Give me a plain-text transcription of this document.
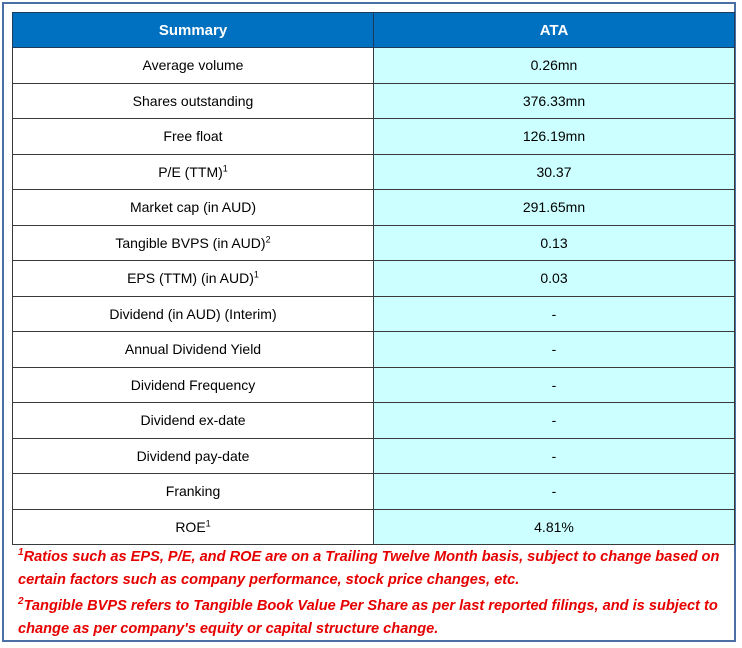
Summary	ATA
Average volume	0.26mn
Shares outstanding	376.33mn
Free float	126.19mn
P/E (TTM)$^1$	30.37
Market cap (in AUD)	291.65mn
Tangible BVPS (in AUD)$^2$	0.13
EPS (TTM) (in AUD)$^1$	0.03
Dividend (in AUD) (Interim)	-
Annual Dividend Yield	-
Dividend Frequency	-
Dividend ex-date	-
Dividend pay-date	-
Franking	-
ROE$^1$	4.81%

$^1$Ratios such as EPS, P/E, and ROE are on a Trailing Twelve Month basis, subject to change based on certain factors such as company performance, stock price changes, etc.

$^2$Tangible BVPS refers to Tangible Book Value Per Share as per last reported filings, and is subject to change as per company's equity or capital structure change.
